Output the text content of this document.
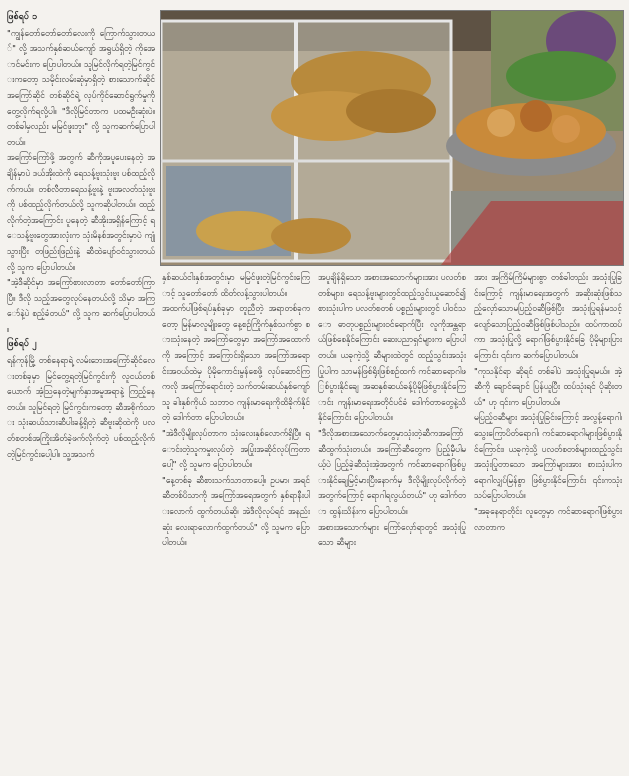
ဖြစ်ရပ် ၁

"ကျွန်တော်တော်တော်လေးကို ကြောက်သွားတယ်" လို့ အသက်နှစ်ဆယ်ကျော် အရွယ်ရှိတဲ့ ကိုအောင်မင်းက ပြောပါတယ်။ သူမြင်လိုက်ရတဲ့မြင်ကွင်းကတော့ သမိုင်းလမ်းဆုံမှာရှိတဲ့ စားသောက်ဆိုင်အကြော်ဆိုင် တစ်ဆိုင်ရဲ့ လုပ်ကိုင်ဆောင်ရွက်မှုကို တွေ့လိုက်ရလို့ပါ။ "ဒီလိုမြင်တာက ပထမဦးဆုံးပဲ။ တစ်ခါမှလည်း မမြင်ဖူးဘူး" လို့ သူကဆက်ပြောပါတယ်။

အကြော်ကြော်ဖို့ အတွက် ဆီကိုအပူပေးနေတဲ့ အချိန်မှာပဲ ဒယ်အိုးထဲကို ရေသန့်ဗူးသုံးဗူး ပစ်ထည့်လိုက်ကယ်။ တစ်လီတာရေသန့်ဗူးနဲ့ ဗူးအလတ်သုံးဗူးကို ပစ်ထည့်လိုက်တယ်လို့ သူကဆိုပါတယ်။ ထည့်လိုက်တဲ့အကြောင်း ပူနေတဲ့ ဆီအိုးအရှိန်ကြောင့် ရေသန့်ဗူးတွေအားလုံးက သုံးမိနစ်အတွင်းမှာပဲ ကျုံ့သွားပြီး တဖြည်းဖြည်းနဲ့ ဆီထဲပျော်ဝင်သွားတယ်လို့ သူက ပြောပါတယ်။

"အဲ့ဒီဆိုင်မှာ အကြော်စားလာတာ တော်တော်ကြာပြီ။ ဒီလို သည့်အတွေလုပ်နေတယ်လို့ သိမှာ အကြော်နဲ့ပဲ စည့်ခံတယ်" လို့ သူက ဆက်ပြောပါတယ်။

ဖြစ်ရပ် ၂

ရန်ကုန်မြို့ တစ်နေရာရဲ့ လမ်းဘေးအကြော်ဆိုင်လေးတစ်ခုမှာ မြင်တွေ့ရတဲ့မြင်ကွင်းကို လူငယ်တစ်ယောက် အံ့သြနေတဲ့မျက်နှာအမူအရာနဲ့ ကြည့်နေတယ်။ သူမြင်ရတဲ့ မြင်ကွင်းကတော့ ဆီအစိုက်သား သုံးဆယ်သားဆီပါးခန့်ရှိတဲ့ ဆီဗူးဆိုထဲကို ပလတ်စတစ်အကြိုးအိတ်ခဲ့ဖက်လိုက်တဲ့ ပစ်ထည့်လိုက်တဲ့မြင်ကွင်းပေါ့ပါ။ သူ့အသက်

နှစ်ဆယ်ငါးနှစ်အတွင်းမှာ မမြင်ဖူးတဲ့မြင်ကွင်းကြောင့် သူတော်တော် ထိတ်လန့်သွားပါတယ်။

အထက်ပါဖြစ်ရပ်နှစ်ခုမှာ တူညီတဲ့ အရာတစ်ခုကတော့ မြန်မာလူမျိုးတွေ နေ့စဉ်ကြိုက်နှစ်သက်စွာ စားသုံးနေတဲ့ အကြော်တွေမှာ အကြော်အထောက်ကို အကြောင့် အကြောင်းရှိသော အကြော်အရောင်းအဝယ်ထဲမှ ပိုမိုကောင်းမွန်စေဖို့ လုပ်ဆောင်ကြကလို အကြော်ရောင်းတဲ့ သက်တမ်းဆယ်နှစ်ကျော်သူ ခါးနှစ်ကိုယ် သဘာဝ ကျန်းမာရေးကိုထိခိုက်နိုင်တဲ့ ဒေါက်တာ ပြောပါတယ်။

"အဲဒီလိုမျိုးလုပ်တာက သုံးလေးနှစ်လောက်ရှိပြီ။ ရောင်းတဲ့သူကမှုးလုပ်တဲ့ အပြုံးအဆိုင်လုပ်ကြတာပေါ့" လို့ သူမက ပြောပါတယ်။

"နေ့တစ်ခု ဆီစားသက်သာတာပေါ့။ ဥပမာ၊ အရင်ဆီတစ်ပိသာကို အကြော်အရေအတွက် နှစ်ရာနီးပါးလောက် ထွက်တယ်ဆို၊ အဲဒီလိုလုပ်ရင် အနည်းဆုံး လေးရာလောက်ထွက်တယ်" လို့ သူမက ပြောပါတယ်။

အပူချိန်ရှိသော အစားအသောက်များအား ပလတ်စတစ်များ၊ ရေသန့်ဗူးများတွင်ထည့်သွင်းယူဆောင်၍ စားသုံးပါက ပလတ်စတစ် ပစ္စည်းများတွင် ပါဝင်သော ဓာတုပစ္စည်းများဝင်ရောက်ပြီး လူကိုအန္တရာယ်ဖြစ်စေနိုင်ကြောင်း ဆေးပညာရှင်များက ပြောပါတယ်။ ယခုကဲ့သို့ ဆီများထဲတွင် ထည့်သွင်းအသုံးပြုပါက သာမန်ဖြစ်ရိုးဖြစ်စဉ်ထက် ကင်ဆာရောဂါဖြစ်ပွားနိုင်ချေ အဆနှစ်ဆယ်ခန့်ပိုမိုဖြစ်ပွားနိုင်ကြောင်း ကျန်းမာရေးအတိုင်ပင်ခံ ဒေါက်တာတွေနဲ့သိနိုင်ကြောင်း ပြောပါတယ်။

"ဒီလိုအစားအသောက်တွေမှာသုံးတဲ့ဆီကအကြော်ဆီထွက်သုံးတယ်။ အကြော်ဆီတွေက ပြည့်မှီပါမယ့်ပဲ ပြည့်ခဲ့ဆီသုံးအဲ့အတွက် ကင်ဆာရောဂါဖြစ်ပွားနိုင်ချေမြင့်မားပြီးနောက်မှ ဒီလိုမျိုးလုပ်လိုက်တဲ့အတွက်ကြောင့် ရောဂါရလွယ်တယ်" ဟု ဒေါက်တာ ထွန်းသိန်းက ပြောပါတယ်။

အစားအသောက်များ ကြော်လှော်ရာတွင် အသုံးပြုသော ဆီများ

အား အကြိမ်ကြိမ်များစွာ တစ်ခါတည်း အသုံးပြုခြင်းကြောင့် ကျန်းမာရေးအတွက် အဆိုးဆုံးဖြစ်သည့်လှော်သောမပြည့်ဝဆီဖြစ်ပြီး အသုံးပြုရန်မသင့်လျော်သောပြည့်ဝဆီဖြစ်ဖြစ်ပါသည်။ ထပ်ကာထပ်ကာ အသုံးပြုလို့ ရောဂါဖြစ်ပွားနိုင်ခြေ ပိုမိုများပြားကြောင်း ၎င်းက ဆက်ပြောပါတယ်။

"ကုသနိုင်ရာ ဆိုရင် တစ်ခါပဲ အသုံးပြုရမယ်။ အဲ့ ဆီကို ချောင်ချောင် ပြန်ယူပြီး ထပ်သုံးရင် ပိုဆိုးတယ်" ဟု ၎င်းက ပြောပါတယ်။

မပြည့်ဝဆီများ အသုံးပြုခြင်းကြောင့် အလွန့်ရောဂါ၊ သွေးကြောပိတ်ရောဂါ၊ ကင်ဆာရောဂါများဖြစ်ပွားနိုင်ကြောင်း၊ ယခုကဲ့သို့ ပလတ်စတစ်များထည့်သွင်းအသုံးပြုတာသော အကြော်များအား စားသုံးပါက ရောဂါလျှပ်မြန်စွာ ဖြစ်ပွားနိုင်ကြောင်း ၎င်းကသုံးသပ်ပြောပါတယ်။

"အခုနေရာတိုင်း လူတွေမှာ ကင်ဆာရောဂါဖြစ်ပွားလာတာက
